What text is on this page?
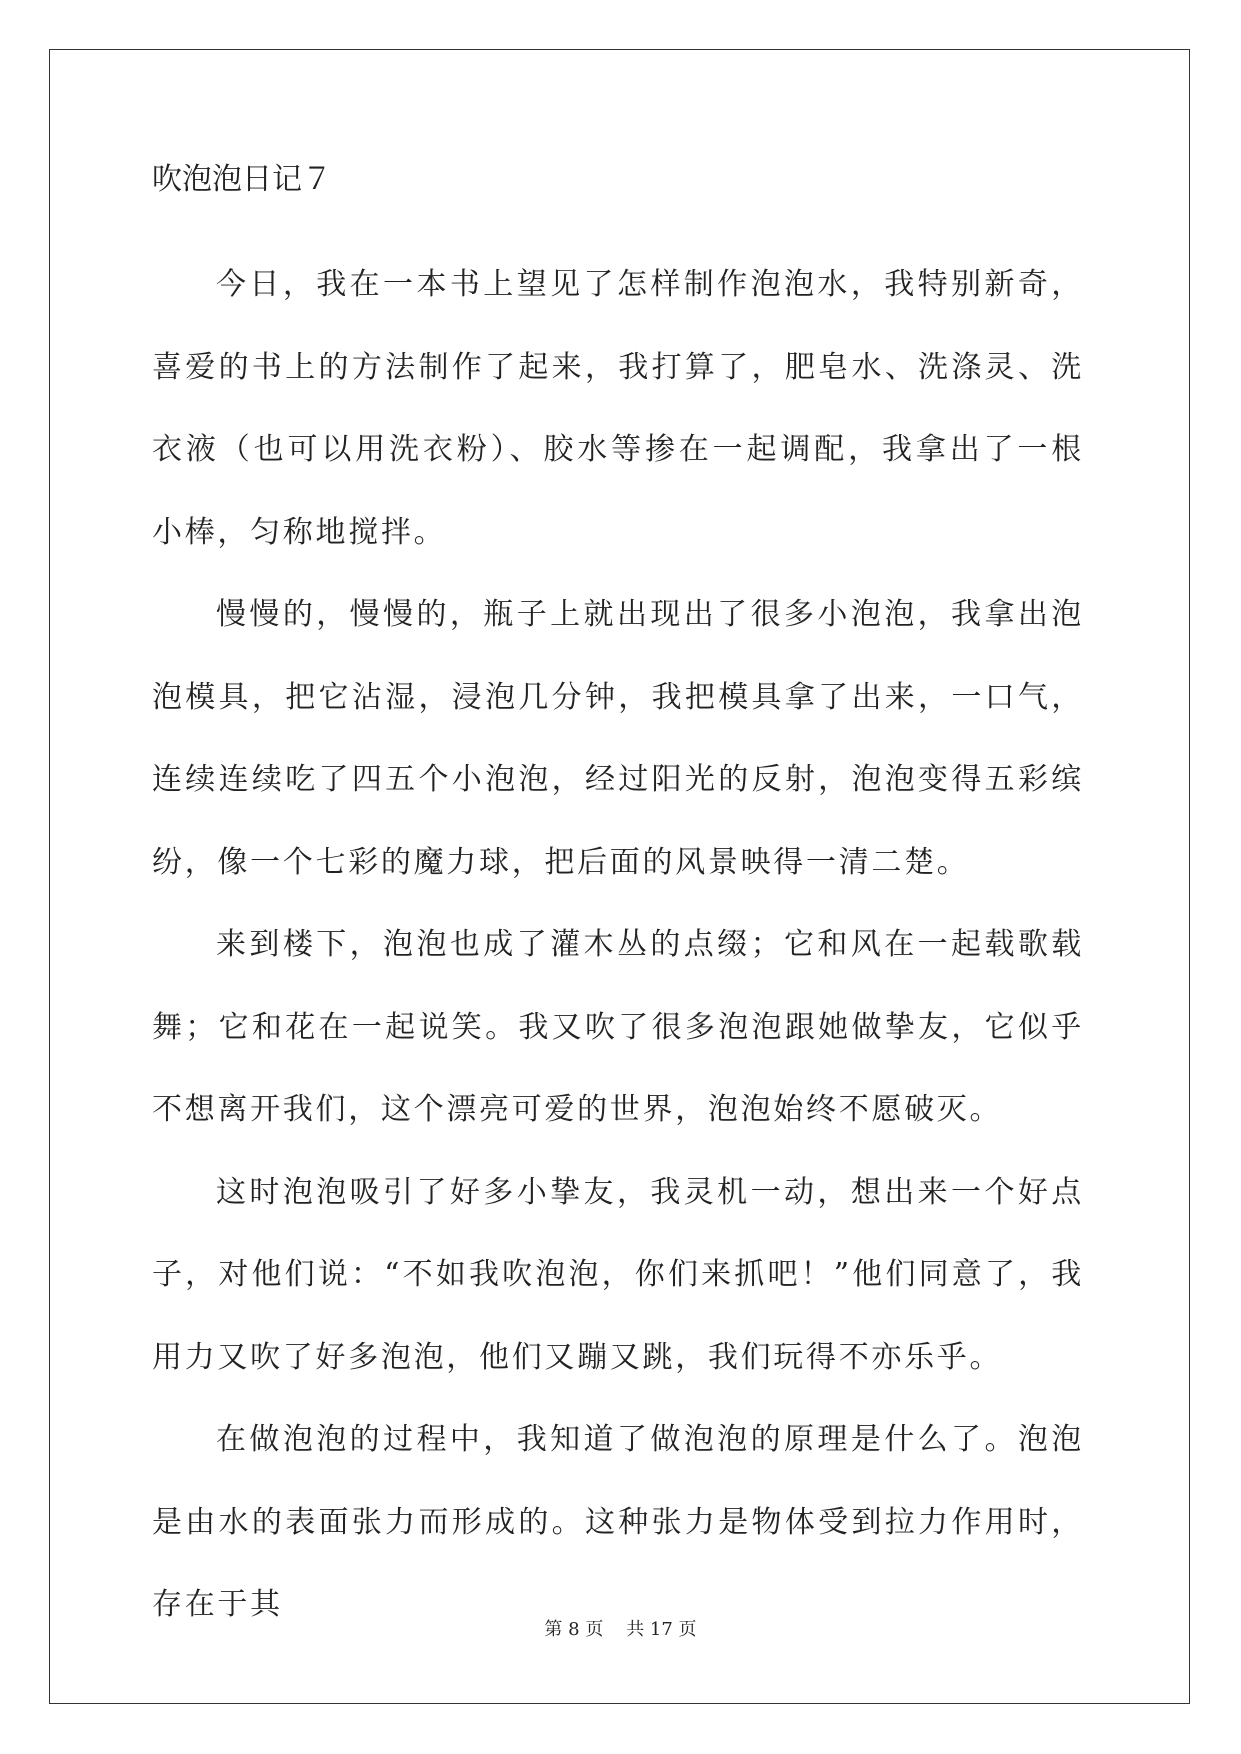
吹泡泡日记７

今日，我在一本书上望见了怎样制作泡泡水，我特别新奇，喜爱的书上的方法制作了起来，我打算了，肥皂水、洗涤灵、洗衣液（也可以用洗衣粉）、胶水等掺在一起调配，我拿出了一根小棒，匀称地搅拌。

慢慢的，慢慢的，瓶子上就出现出了很多小泡泡，我拿出泡泡模具，把它沾湿，浸泡几分钟，我把模具拿了出来，一口气，连续连续吃了四五个小泡泡，经过阳光的反射，泡泡变得五彩缤纷，像一个七彩的魔力球，把后面的风景映得一清二楚。

来到楼下，泡泡也成了灌木丛的点缀；它和风在一起载歌载舞；它和花在一起说笑。我又吹了很多泡泡跟她做挚友，它似乎不想离开我们，这个漂亮可爱的世界，泡泡始终不愿破灭。

这时泡泡吸引了好多小挚友，我灵机一动，想出来一个好点子，对他们说：“不如我吹泡泡，你们来抓吧！”他们同意了，我用力又吹了好多泡泡，他们又蹦又跳，我们玩得不亦乐乎。

在做泡泡的过程中，我知道了做泡泡的原理是什么了。泡泡是由水的表面张力而形成的。这种张力是物体受到拉力作用时，存在于其

第 8 页    共 17 页
